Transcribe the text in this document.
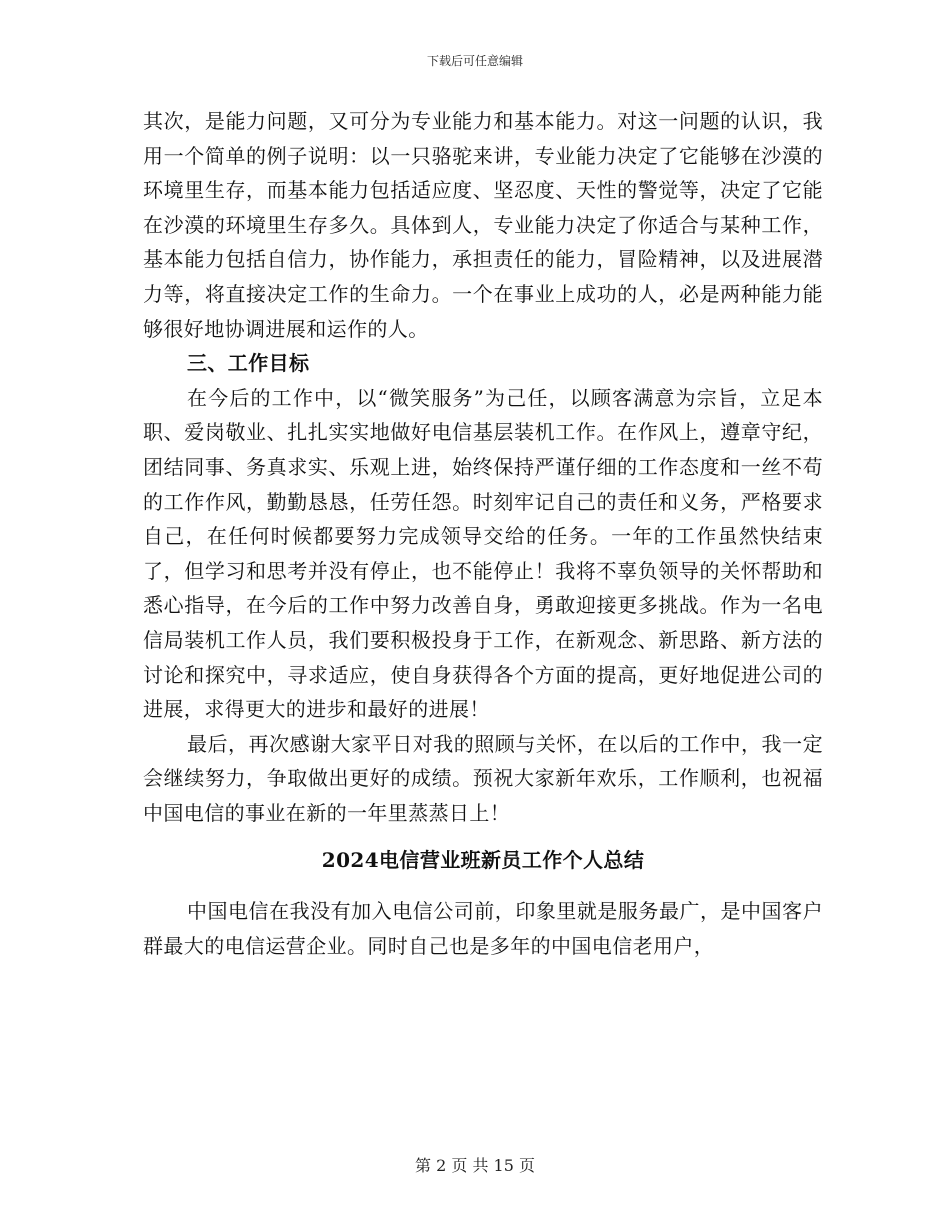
下载后可任意编辑

其次，是能力问题，又可分为专业能力和基本能力。对这一问题的认识，我用一个简单的例子说明：以一只骆驼来讲，专业能力决定了它能够在沙漠的环境里生存，而基本能力包括适应度、坚忍度、天性的警觉等，决定了它能在沙漠的环境里生存多久。具体到人，专业能力决定了你适合与某种工作，基本能力包括自信力，协作能力，承担责任的能力，冒险精神，以及进展潜力等，将直接决定工作的生命力。一个在事业上成功的人，必是两种能力能够很好地协调进展和运作的人。

三、工作目标

在今后的工作中，以“微笑服务”为己任，以顾客满意为宗旨，立足本职、爱岗敬业、扎扎实实地做好电信基层装机工作。在作风上，遵章守纪，团结同事、务真求实、乐观上进，始终保持严谨仔细的工作态度和一丝不苟的工作作风，勤勤恳恳，任劳任怨。时刻牢记自己的责任和义务，严格要求自己，在任何时候都要努力完成领导交给的任务。一年的工作虽然快结束了，但学习和思考并没有停止，也不能停止！我将不辜负领导的关怀帮助和悉心指导，在今后的工作中努力改善自身，勇敢迎接更多挑战。作为一名电信局装机工作人员，我们要积极投身于工作，在新观念、新思路、新方法的讨论和探究中，寻求适应，使自身获得各个方面的提高，更好地促进公司的进展，求得更大的进步和最好的进展！

最后，再次感谢大家平日对我的照顾与关怀，在以后的工作中，我一定会继续努力，争取做出更好的成绩。预祝大家新年欢乐，工作顺利，也祝福中国电信的事业在新的一年里蒸蒸日上！

2024电信营业班新员工作个人总结

中国电信在我没有加入电信公司前，印象里就是服务最广，是中国客户群最大的电信运营企业。同时自己也是多年的中国电信老用户，

第 2 页 共 15 页
